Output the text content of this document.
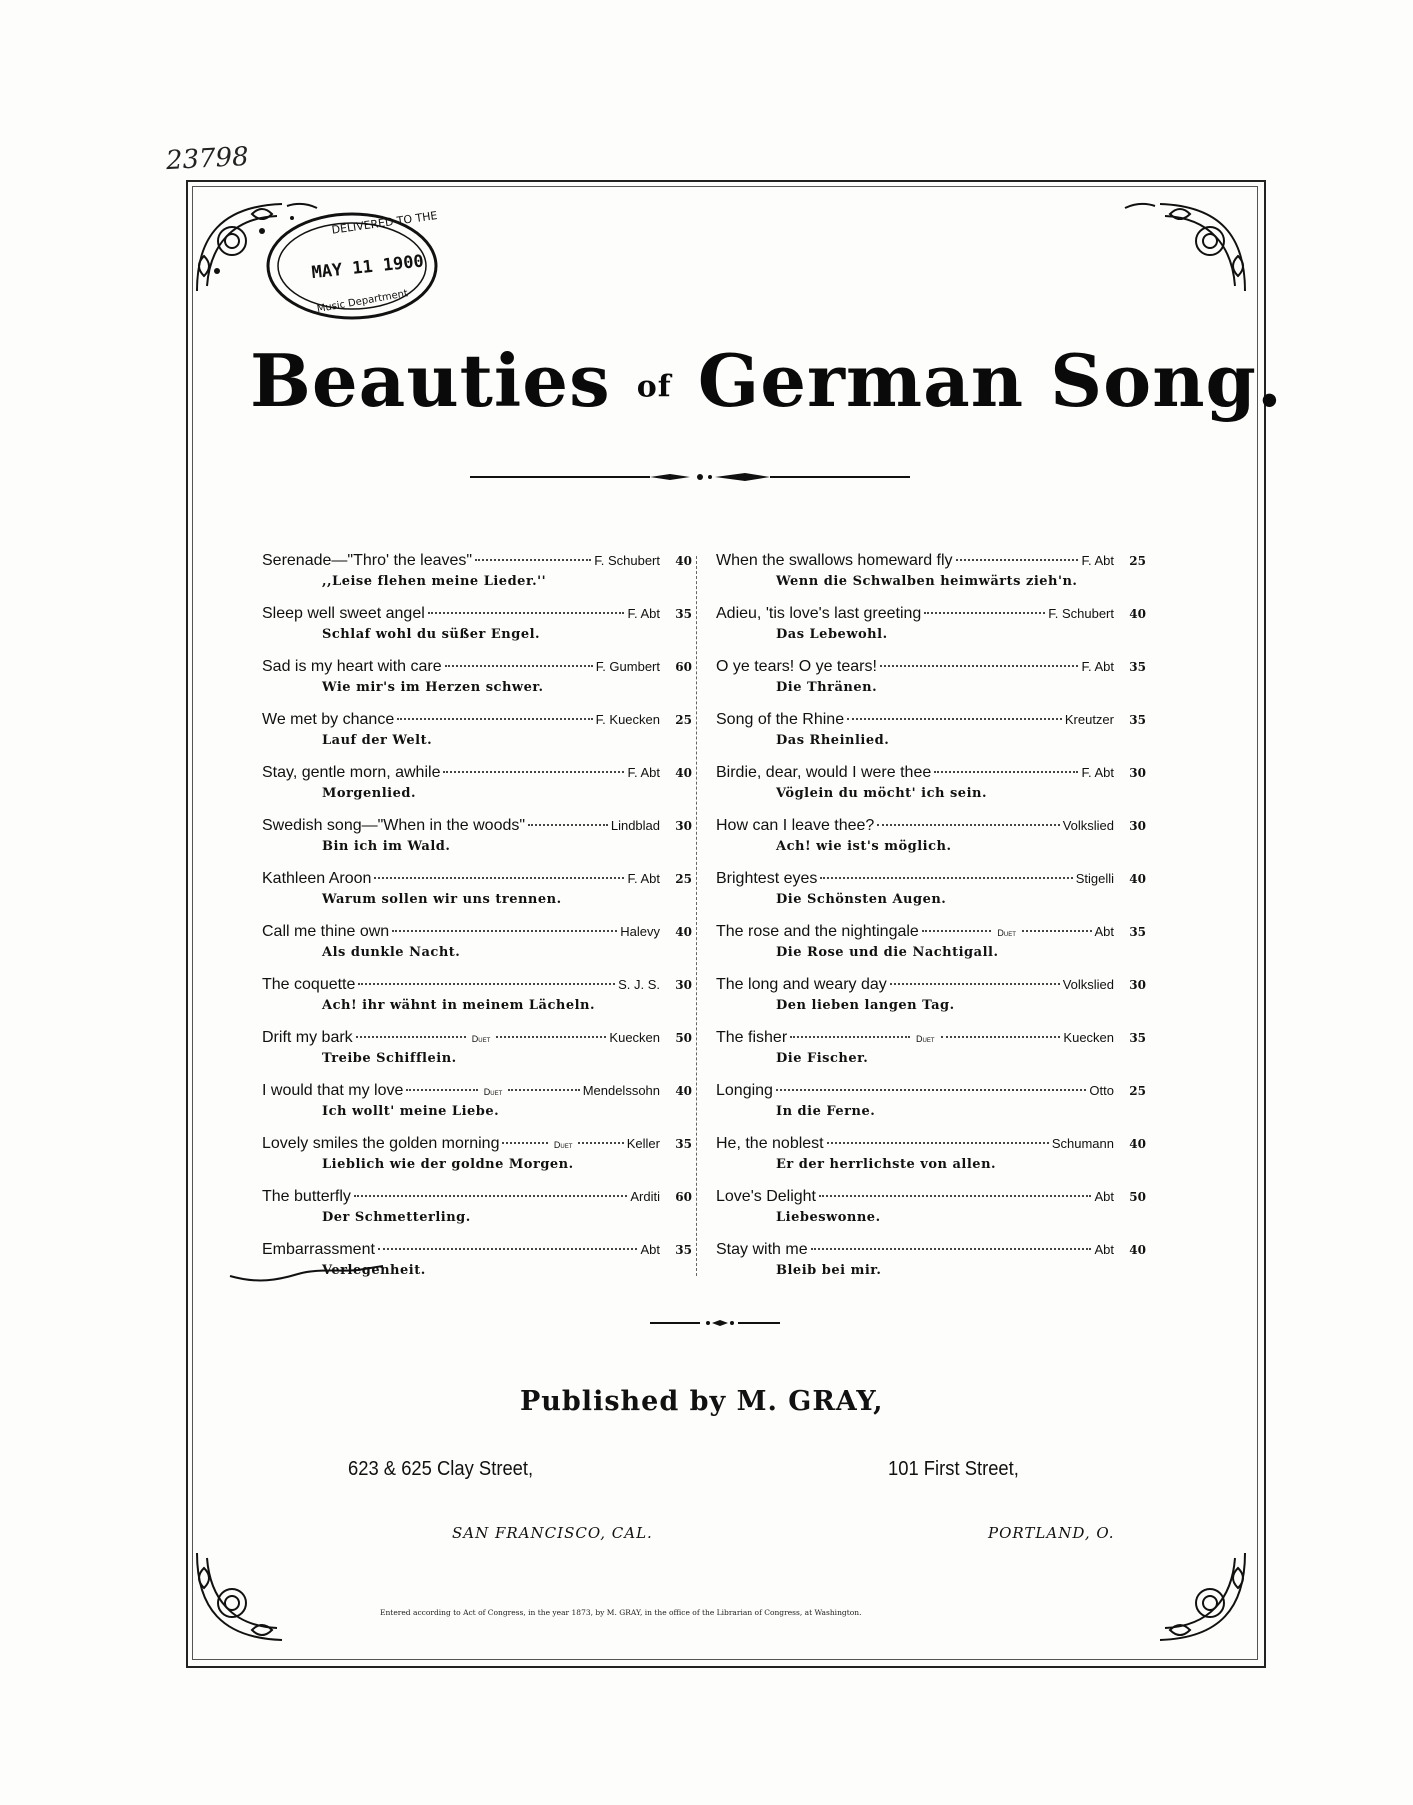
23798
DELIVERED TO THE
MAY 11 1900
Music Department
Beauties of German Song.
Serenade—"Thro' the leaves"	F. Schubert 40
,,Leise flehen meine Lieder.''
Sleep well sweet angel	F. Abt 35
Schlaf wohl du süßer Engel.
Sad is my heart with care	F. Gumbert 60
Wie mir's im Herzen schwer.
We met by chance	F. Kuecken 25
Lauf der Welt.
Stay, gentle morn, awhile	F. Abt 40
Morgenlied.
Swedish song—"When in the woods"	Lindblad 30
Bin ich im Wald.
Kathleen Aroon	F. Abt 25
Warum sollen wir uns trennen.
Call me thine own	Halevy 40
Als dunkle Nacht.
The coquette	S. J. S. 30
Ach! ihr wähnt in meinem Lächeln.
Drift my bark	Duet	Kuecken 50
Treibe Schifflein.
I would that my love	Duet	Mendelssohn 40
Ich wollt' meine Liebe.
Lovely smiles the golden morning	Duet	Keller 35
Lieblich wie der goldne Morgen.
The butterfly	Arditi 60
Der Schmetterling.
Embarrassment	Abt 35
Verlegenheit.
When the swallows homeward fly	F. Abt 25
Wenn die Schwalben heimwärts zieh'n.
Adieu, 'tis love's last greeting	F. Schubert 40
Das Lebewohl.
O ye tears! O ye tears!	F. Abt 35
Die Thränen.
Song of the Rhine	Kreutzer 35
Das Rheinlied.
Birdie, dear, would I were thee	F. Abt 30
Vöglein du möcht' ich sein.
How can I leave thee?	Volkslied 30
Ach! wie ist's möglich.
Brightest eyes	Stigelli 40
Die Schönsten Augen.
The rose and the nightingale	Duet	Abt 35
Die Rose und die Nachtigall.
The long and weary day	Volkslied 30
Den lieben langen Tag.
The fisher	Duet	Kuecken 35
Die Fischer.
Longing	Otto 25
In die Ferne.
He, the noblest	Schumann 40
Er der herrlichste von allen.
Love's Delight	Abt 50
Liebeswonne.
Stay with me	Abt 40
Bleib bei mir.
Published by M. GRAY,
623 & 625 Clay Street,	101 First Street,
SAN FRANCISCO, CAL.	PORTLAND, O.
Entered according to Act of Congress, in the year 1873, by M. GRAY, in the office of the Librarian of Congress, at Washington.
